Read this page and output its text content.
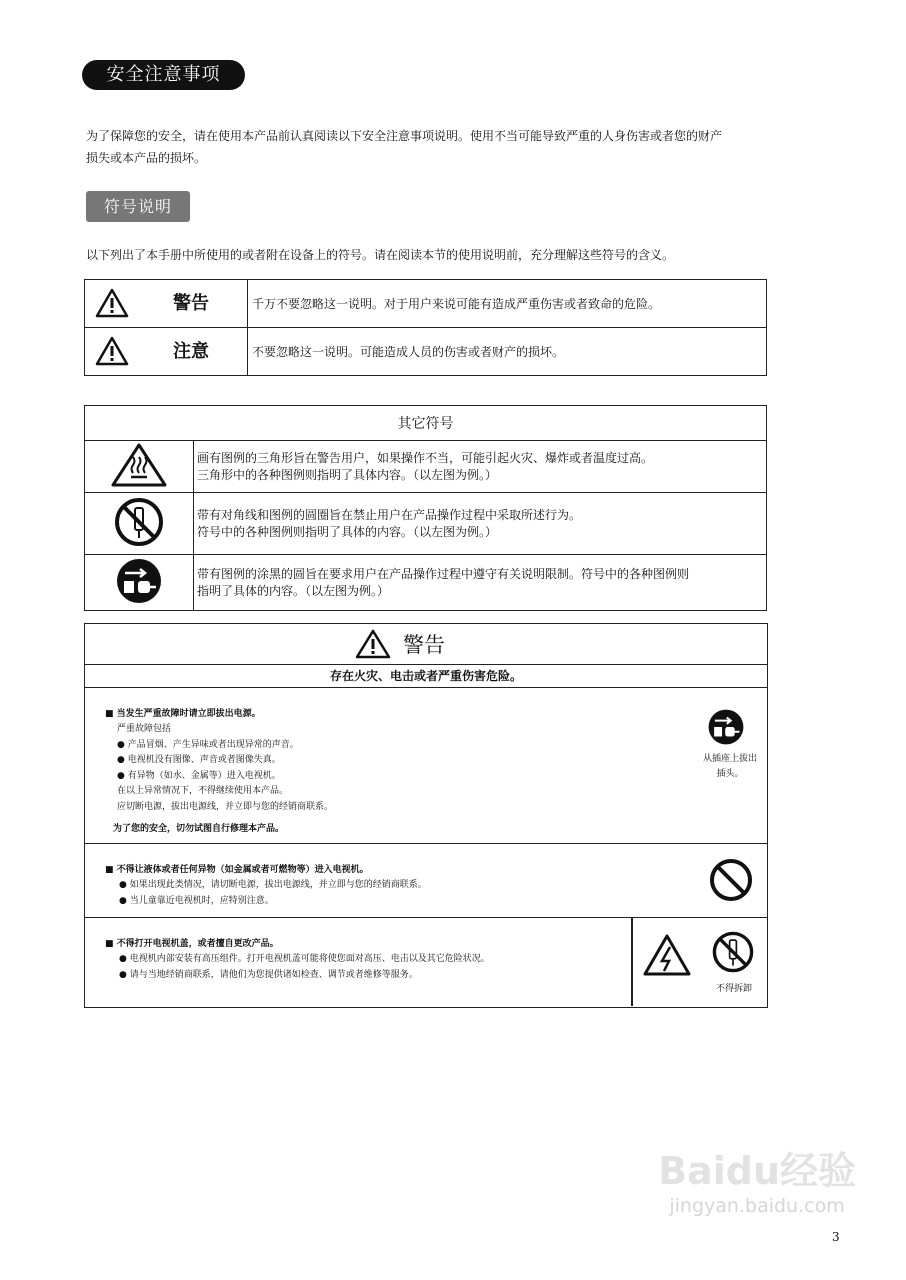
安全注意事项
为了保障您的安全，请在使用本产品前认真阅读以下安全注意事项说明。使用不当可能导致严重的人身伤害或者您的财产
损失或本产品的损坏。
符号说明
以下列出了本手册中所使用的或者附在设备上的符号。请在阅读本节的使用说明前，充分理解这些符号的含义。
警告	千万不要忽略这一说明。对于用户来说可能有造成严重伤害或者致命的危险。

注意	不要忽略这一说明。可能造成人员的伤害或者财产的损坏。
其它符号	

画有图例的三角形旨在警告用户，如果操作不当，可能引起火灾、爆炸或者温度过高。
三角形中的各种图例则指明了具体内容。（以左图为例。）

带有对角线和图例的圆圈旨在禁止用户在产品操作过程中采取所述行为。
符号中的各种图例则指明了具体的内容。（以左图为例。）

带有图例的涂黑的圆旨在要求用户在产品操作过程中遵守有关说明限制。符号中的各种图例则
指明了具体的内容。（以左图为例。）
警告
存在火灾、电击或者严重伤害危险。
■ 当发生严重故障时请立即拔出电源。
严重故障包括
● 产品冒烟、产生异味或者出现异常的声音。
● 电视机没有图像、声音或者图像失真。
● 有异物（如水、金属等）进入电视机。
在以上异常情况下，不得继续使用本产品。
应切断电源，拔出电源线，并立即与您的经销商联系。
为了您的安全，切勿试图自行修理本产品。
从插座上拔出
插头。
■ 不得让液体或者任何异物（如金属或者可燃物等）进入电视机。
● 如果出现此类情况，请切断电源，拔出电源线，并立即与您的经销商联系。
● 当儿童靠近电视机时，应特别注意。
■ 不得打开电视机盖，或者擅自更改产品。
● 电视机内部安装有高压组件。打开电视机盖可能将使您面对高压、电击以及其它危险状况。
● 请与当地经销商联系，请他们为您提供诸如检查、调节或者维修等服务。
不得拆卸
Baidu经验
jingyan.baidu.com
3
